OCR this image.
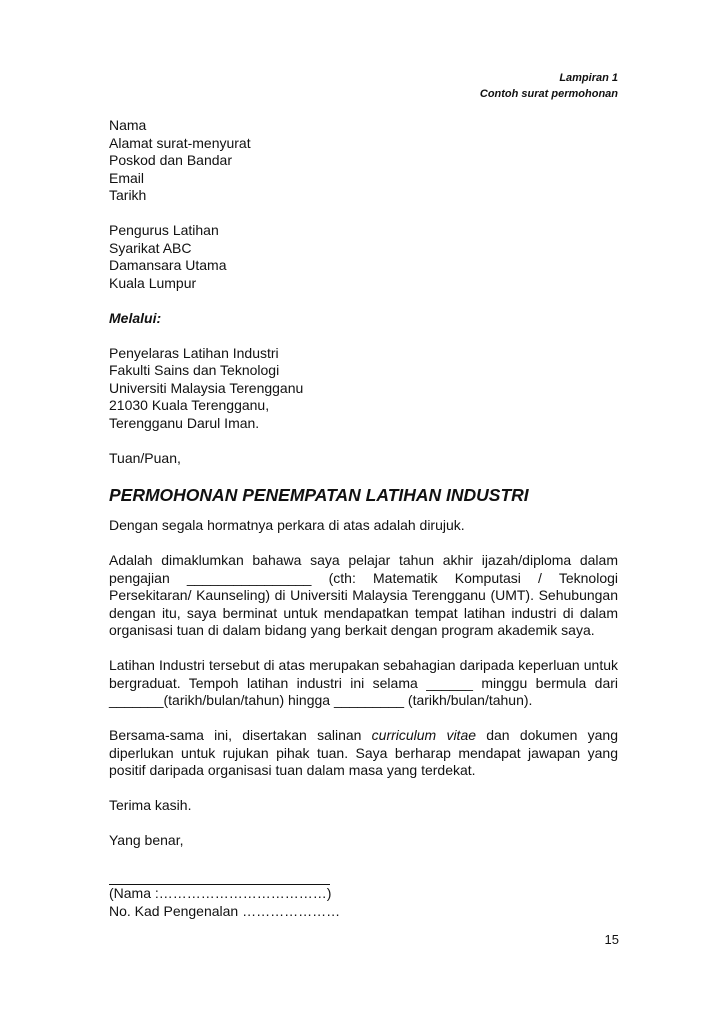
Lampiran 1
Contoh surat permohonan
Nama
Alamat surat-menyurat
Poskod dan Bandar
Email
Tarikh
Pengurus Latihan
Syarikat ABC
Damansara Utama
Kuala Lumpur
Melalui:
Penyelaras Latihan Industri
Fakulti Sains dan Teknologi
Universiti Malaysia Terengganu
21030 Kuala Terengganu,
Terengganu Darul Iman.
Tuan/Puan,
PERMOHONAN PENEMPATAN LATIHAN INDUSTRI

Dengan segala hormatnya perkara di atas adalah dirujuk.

Adalah dimaklumkan bahawa saya pelajar tahun akhir ijazah/diploma dalam pengajian ________________ (cth: Matematik Komputasi / Teknologi Persekitaran/ Kaunseling) di Universiti Malaysia Terengganu (UMT). Sehubungan dengan itu, saya berminat untuk mendapatkan tempat latihan industri di dalam organisasi tuan di dalam bidang yang berkait dengan program akademik saya.

Latihan Industri tersebut di atas merupakan sebahagian daripada keperluan untuk bergraduat. Tempoh latihan industri ini selama ______ minggu bermula dari _______(tarikh/bulan/tahun) hingga _________ (tarikh/bulan/tahun).

Bersama-sama ini, disertakan salinan curriculum vitae dan dokumen yang diperlukan untuk rujukan pihak tuan. Saya berharap mendapat jawapan yang positif daripada organisasi tuan dalam masa yang terdekat.

Terima kasih.
Yang benar,
(Nama :………………………………)
No. Kad Pengenalan …………………
15
